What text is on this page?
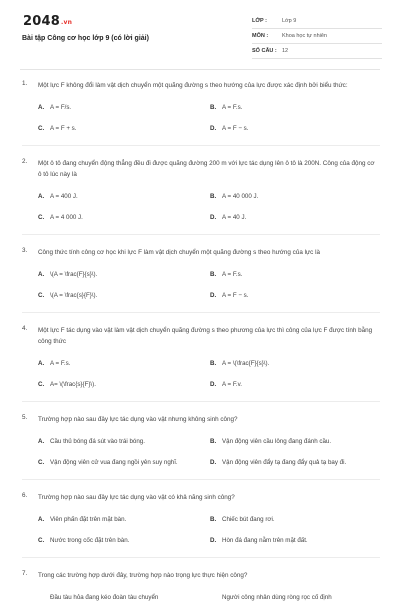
2048.vn
Bài tập Công cơ học lớp 9 (có lời giải)
LỚP :	Lớp 9
MÔN :	Khoa học tự nhiên
SỐ CÂU : 12
1. Một lực F không đổi làm vật dịch chuyển một quãng đường s theo hướng của lực được xác định bởi biểu thức:
A. A = F/s.	B. A = F.s.
C. A = F + s.	D. A = F − s.
2. Một ô tô đang chuyển động thẳng đều đi được quãng đường 200 m với lực tác dụng lên ô tô là 200N. Công của động cơ ô tô lúc này là
A. A = 400 J.	B. A = 40 000 J.
C. A = 4 000 J.	D. A = 40 J.
3. Công thức tính công cơ học khi lực F làm vật dịch chuyển một quãng đường s theo hướng của lực là
A. \(A = \frac{F}{s}\).	B. A = F.s.
C. \(A = \frac{s}{F}\).	D. A = F − s.
4. Một lực F tác dụng vào vật làm vật dịch chuyển quãng đường s theo phương của lực thì công của lực F được tính bằng công thức
A. A = F.s.	B. A = \(\frac{F}{s}\).
C. A= \(\frac{s}{F}\).	D. A = F.v.
5. Trường hợp nào sau đây lực tác dụng vào vật nhưng không sinh công?
A. Cầu thủ bóng đá sút vào trái bóng.	B. Vận động viên cầu lông đang đánh cầu.
C. Vận động viên cử vua đang ngồi yên suy nghĩ.	D. Vận động viên đẩy tạ đang đẩy quả tạ bay đi.
6. Trường hợp nào sau đây lực tác dụng vào vật có khả năng sinh công?
A. Viên phấn đặt trên mặt bàn.	B. Chiếc bút đang rơi.
C. Nước trong cốc đặt trên bàn.	D. Hòn đá đang nằm trên mặt đất.
7. Trong các trường hợp dưới đây, trường hợp nào trọng lực thực hiện công?
Đầu tàu hỏa đang kéo đoàn tàu chuyển	Người công nhân dùng ròng rọc cố định
